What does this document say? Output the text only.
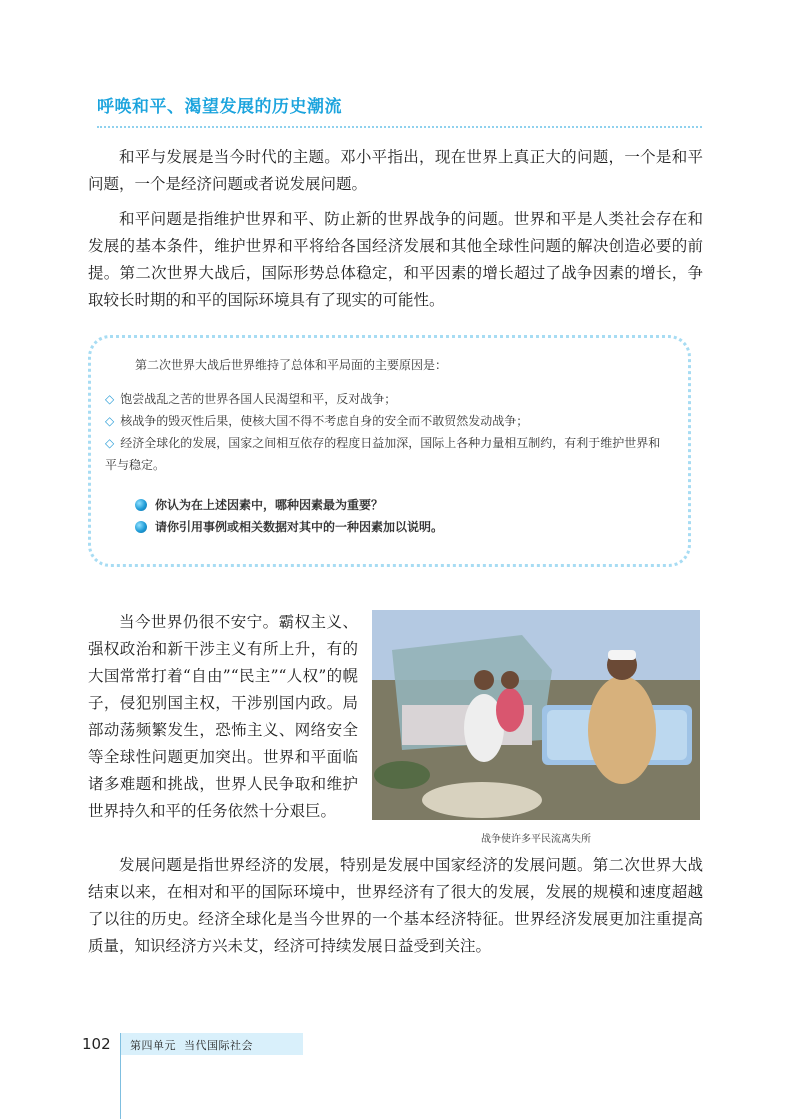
呼唤和平、渴望发展的历史潮流

和平与发展是当今时代的主题。邓小平指出，现在世界上真正大的问题，一个是和平问题，一个是经济问题或者说发展问题。

和平问题是指维护世界和平、防止新的世界战争的问题。世界和平是人类社会存在和发展的基本条件，维护世界和平将给各国经济发展和其他全球性问题的解决创造必要的前提。第二次世界大战后，国际形势总体稳定，和平因素的增长超过了战争因素的增长，争取较长时期的和平的国际环境具有了现实的可能性。

第二次世界大战后世界维持了总体和平局面的主要原因是：
◇ 饱尝战乱之苦的世界各国人民渴望和平，反对战争；
◇ 核战争的毁灭性后果，使核大国不得不考虑自身的安全而不敢贸然发动战争；
◇ 经济全球化的发展，国家之间相互依存的程度日益加深，国际上各种力量相互制约，有利于维护世界和平与稳定。
你认为在上述因素中，哪种因素最为重要？
请你引用事例或相关数据对其中的一种因素加以说明。

当今世界仍很不安宁。霸权主义、强权政治和新干涉主义有所上升，有的大国常常打着“自由”“民主”“人权”的幌子，侵犯别国主权，干涉别国内政。局部动荡频繁发生，恐怖主义、网络安全等全球性问题更加突出。世界和平面临诸多难题和挑战，世界人民争取和维护世界持久和平的任务依然十分艰巨。

战争使许多平民流离失所

发展问题是指世界经济的发展，特别是发展中国家经济的发展问题。第二次世界大战结束以来，在相对和平的国际环境中，世界经济有了很大的发展，发展的规模和速度超越了以往的历史。经济全球化是当今世界的一个基本经济特征。世界经济发展更加注重提高质量，知识经济方兴未艾，经济可持续发展日益受到关注。

102 第四单元  当代国际社会
